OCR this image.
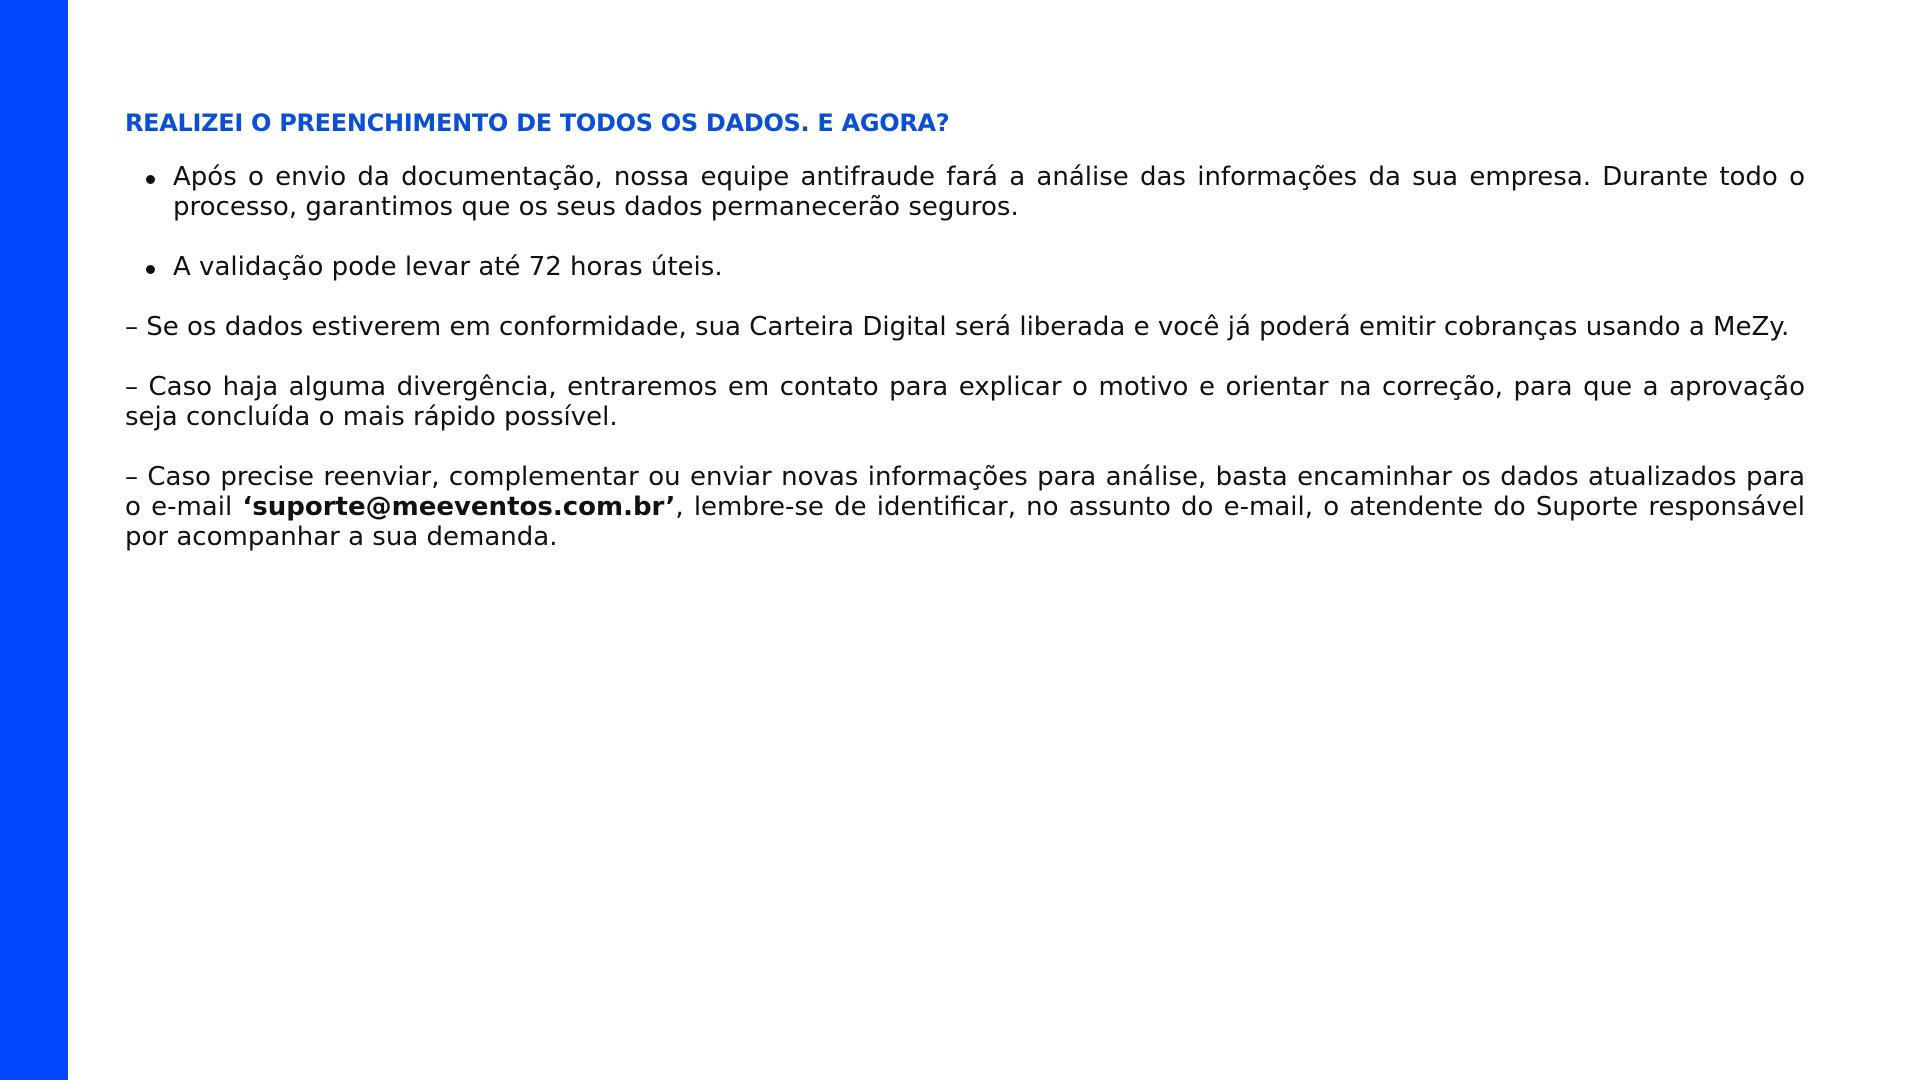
REALIZEI O PREENCHIMENTO DE TODOS OS DADOS. E AGORA?
Após o envio da documentação, nossa equipe antifraude fará a análise das informações da sua empresa. Durante todo o processo, garantimos que os seus dados permanecerão seguros.
A validação pode levar até 72 horas úteis.

– Se os dados estiverem em conformidade, sua Carteira Digital será liberada e você já poderá emitir cobranças usando a MeZy.

– Caso haja alguma divergência, entraremos em contato para explicar o motivo e orientar na correção, para que a aprovação seja concluída o mais rápido possível.

– Caso precise reenviar, complementar ou enviar novas informações para análise, basta encaminhar os dados atualizados para o e-mail ‘suporte@meeventos.com.br’, lembre-se de identificar, no assunto do e-mail, o atendente do Suporte responsável por acompanhar a sua demanda.
